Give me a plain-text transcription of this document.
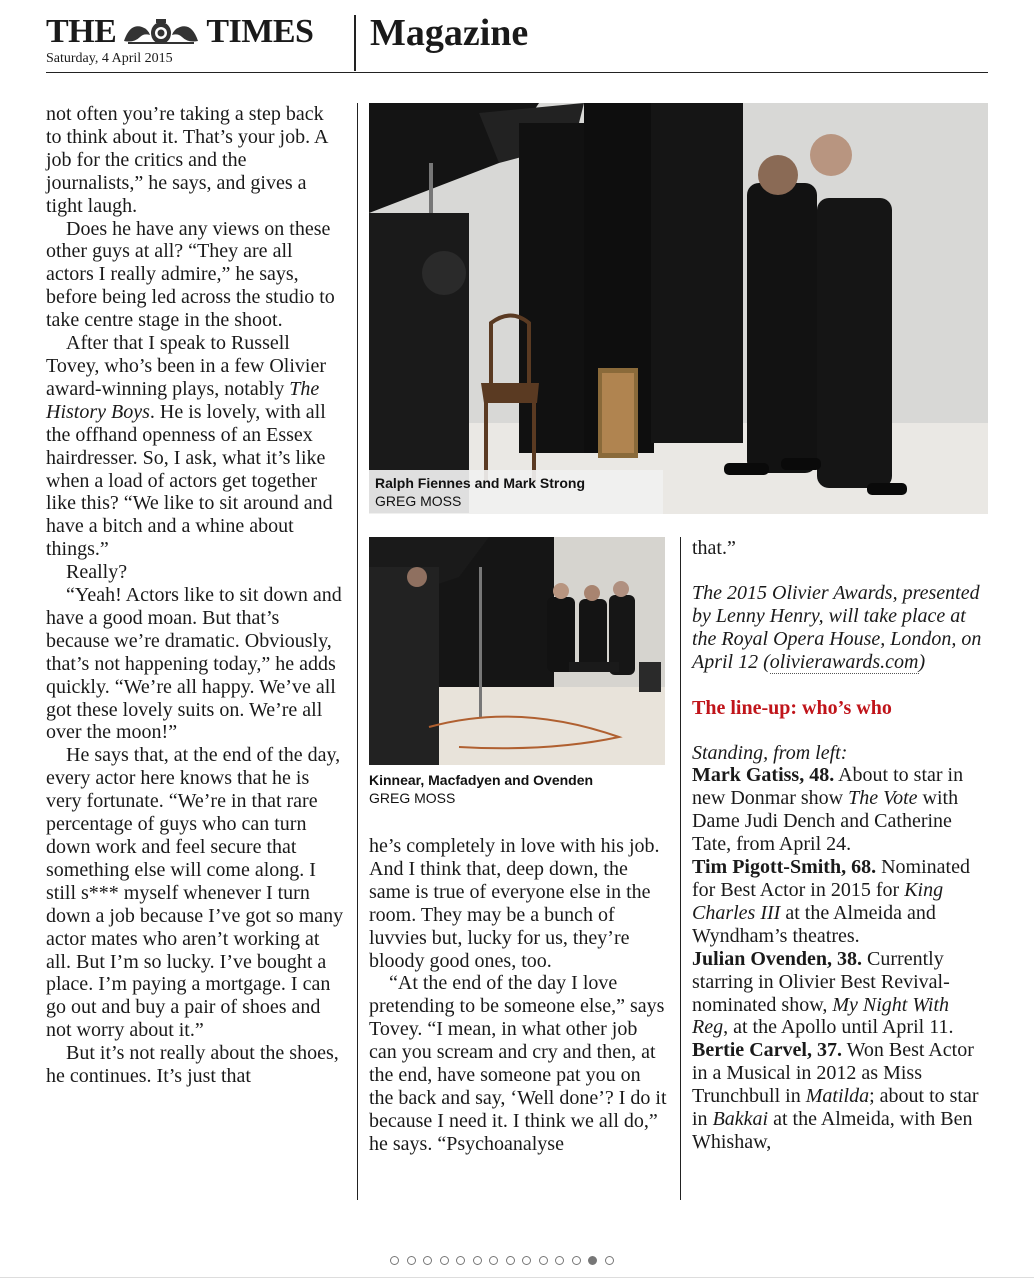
THE	TIMES
Saturday, 4 April 2015
Magazine

not often you’re taking a step back to think about it. That’s your job. A job for the critics and the journalists,” he says, and gives a tight laugh.

Does he have any views on these other guys at all? “They are all actors I really admire,” he says, before being led across the studio to take centre stage in the shoot.

After that I speak to Russell Tovey, who’s been in a few Olivier award-winning plays, notably The History Boys. He is lovely, with all the offhand openness of an Essex hairdresser. So, I ask, what it’s like when a load of actors get together like this? “We like to sit around and have a bitch and a whine about things.”

Really?

“Yeah! Actors like to sit down and have a good moan. But that’s because we’re dramatic. Obviously, that’s not happening today,” he adds quickly. “We’re all happy. We’ve all got these lovely suits on. We’re all over the moon!”

He says that, at the end of the day, every actor here knows that he is very fortunate. “We’re in that rare percentage of guys who can turn down work and feel secure that something else will come along. I still s*** myself whenever I turn down a job because I’ve got so many actor mates who aren’t working at all. But I’m so lucky. I’ve bought a place. I’m paying a mortgage. I can go out and buy a pair of shoes and not worry about it.”

But it’s not really about the shoes, he continues. It’s just that

Ralph Fiennes and Mark Strong
GREG MOSS
Kinnear, Macfadyen and Ovenden
GREG MOSS

he’s completely in love with his job. And I think that, deep down, the same is true of everyone else in the room. They may be a bunch of luvvies but, lucky for us, they’re bloody good ones, too.

“At the end of the day I love pretending to be someone else,” says Tovey. “I mean, in what other job can you scream and cry and then, at the end, have someone pat you on the back and say, ‘Well done’? I do it because I need it. I think we all do,” he says. “Psychoanalyse

that.”

The 2015 Olivier Awards, presented by Lenny Henry, will take place at the Royal Opera House, London, on April 12 (olivierawards.com)

The line-up: who’s who

Standing, from left:

Mark Gatiss, 48. About to star in new Donmar show The Vote with Dame Judi Dench and Catherine Tate, from April 24.

Tim Pigott-Smith, 68. Nominated for Best Actor in 2015 for King Charles III at the Almeida and Wyndham’s theatres.

Julian Ovenden, 38. Currently starring in Olivier Best Revival-nominated show, My Night With Reg, at the Apollo until April 11.

Bertie Carvel, 37. Won Best Actor in a Musical in 2012 as Miss Trunchbull in Matilda; about to star in Bakkai at the Almeida, with Ben Whishaw,
